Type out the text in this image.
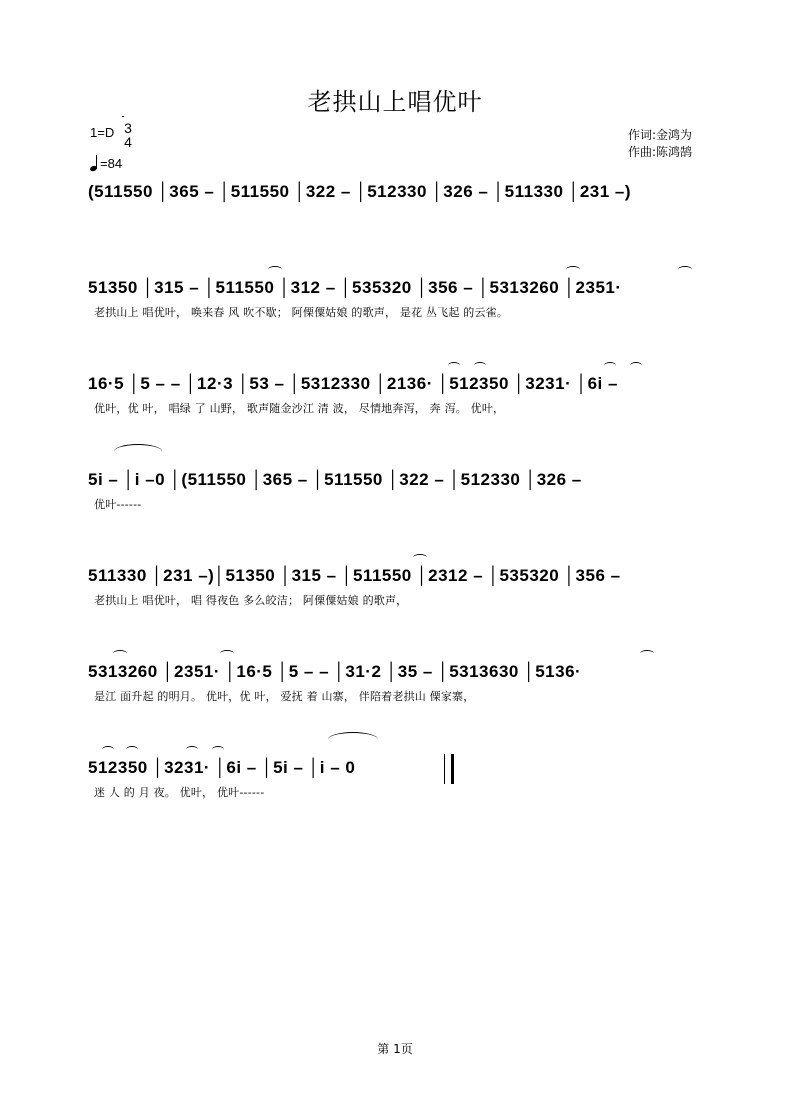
老拱山上唱优叶
1=D 3
4
=84
作词:金鸿为
作曲:陈鸿鹄
(511550 │365 – │511550 │322 – │512330 │326 – │511330 │231 –)
51350 │315 – │511550 │312 – │535320 │356 – │5313260 │2351·
老拱山上 唱优叶， 唤来春 风 吹不歇； 阿傈僳姑娘 的歌声， 是花 丛飞起 的云雀。
16·5 │5 – – │12·3 │53 – │5312330 │2136· │512350 │3231· │6i –
优叶，优 叶， 唱绿 了 山野， 歌声随金沙江 清 波， 尽情地奔泻， 奔 泻。 优叶，
5i – │i –0 │(511550 │365 – │511550 │322 – │512330 │326 –
优叶------
511330 │231 –)│51350 │315 – │511550 │2312 – │535320 │356 –
老拱山上 唱优叶， 唱 得夜色 多么皎洁； 阿傈僳姑娘 的歌声，
5313260 │2351· │16·5 │5 – – │31·2 │35 – │5313630 │5136·
是江 面升起 的明月。 优叶，优 叶， 爱抚 着 山寨， 伴陪着老拱山 傈家寨，
512350 │3231· │6i – │5i – │i – 0
迷 人 的 月 夜。 优叶， 优叶------
第 1页
